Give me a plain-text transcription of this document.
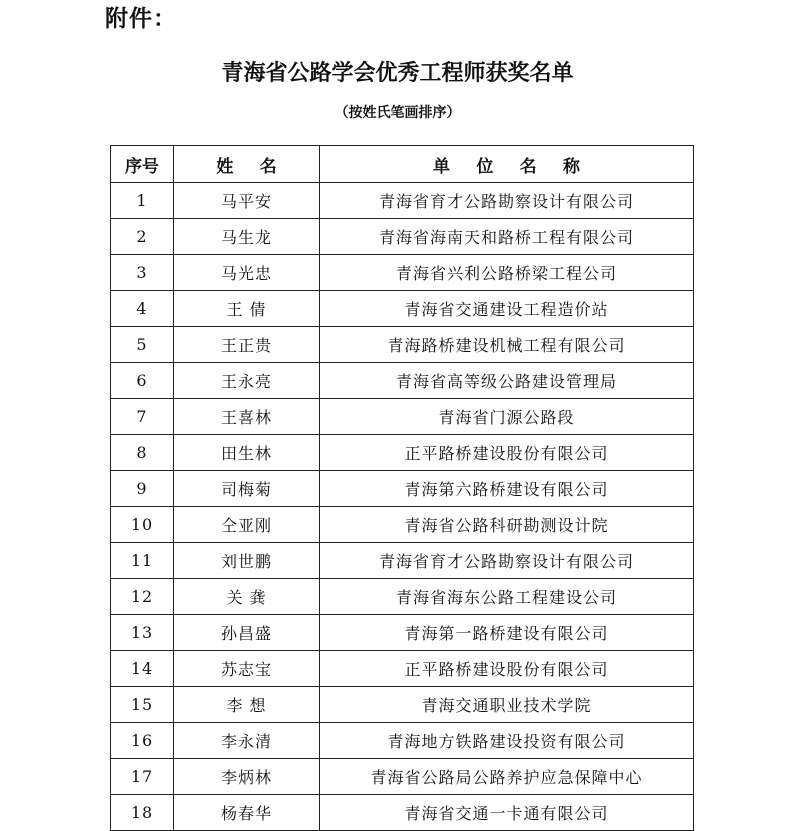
附件：
青海省公路学会优秀工程师获奖名单
（按姓氏笔画排序）
序号	姓 名	单 位 名 称
1	马平安	青海省育才公路勘察设计有限公司
2	马生龙	青海省海南天和路桥工程有限公司
3	马光忠	青海省兴利公路桥梁工程公司
4	王 倩	青海省交通建设工程造价站
5	王正贵	青海路桥建设机械工程有限公司
6	王永亮	青海省高等级公路建设管理局
7	王喜林	青海省门源公路段
8	田生林	正平路桥建设股份有限公司
9	司梅菊	青海第六路桥建设有限公司
10	仝亚刚	青海省公路科研勘测设计院
11	刘世鹏	青海省育才公路勘察设计有限公司
12	关 龚	青海省海东公路工程建设公司
13	孙昌盛	青海第一路桥建设有限公司
14	苏志宝	正平路桥建设股份有限公司
15	李 想	青海交通职业技术学院
16	李永清	青海地方铁路建设投资有限公司
17	李炳林	青海省公路局公路养护应急保障中心
18	杨春华	青海省交通一卡通有限公司
